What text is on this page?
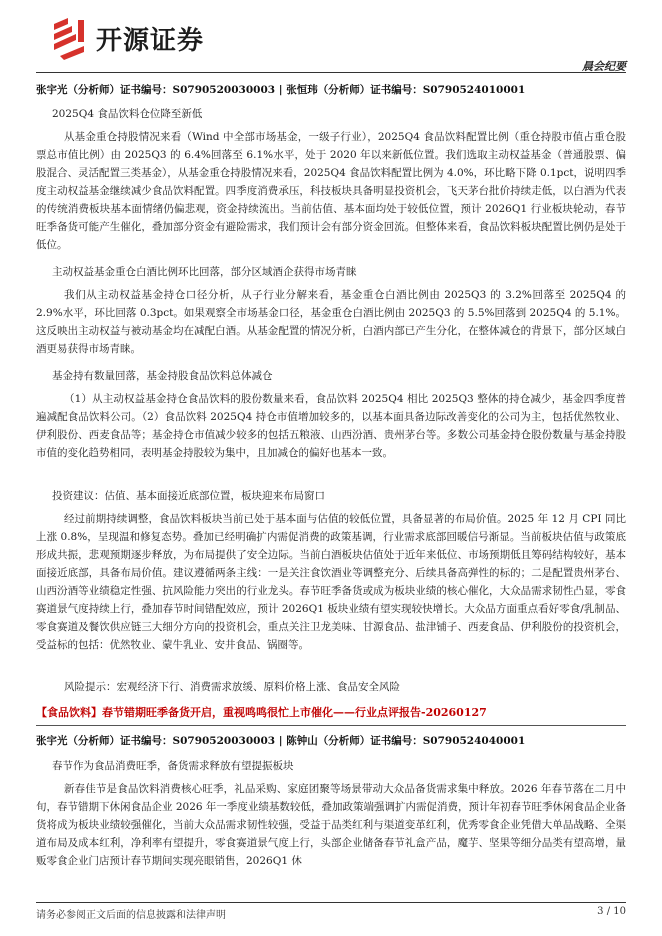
开源证券
晨会纪要
张宇光（分析师）证书编号：S0790520030003 | 张恒玮（分析师）证书编号：S0790524010001
2025Q4 食品饮料仓位降至新低

从基金重仓持股情况来看（Wind 中全部市场基金，一级子行业），2025Q4 食品饮料配置比例（重仓持股市值占重仓股票总市值比例）由 2025Q3 的 6.4%回落至 6.1%水平，处于 2020 年以来新低位置。我们选取主动权益基金（普通股票、偏股混合、灵活配置三类基金），从基金重仓持股情况来看，2025Q4 食品饮料配置比例为 4.0%，环比略下降 0.1pct，说明四季度主动权益基金继续减少食品饮料配置。四季度消费承压，科技板块具备明显投资机会，飞天茅台批价持续走低，以白酒为代表的传统消费板块基本面情绪仍偏悲观，资金持续流出。当前估值、基本面均处于较低位置，预计 2026Q1 行业板块轮动，春节旺季备货可能产生催化，叠加部分资金有避险需求，我们预计会有部分资金回流。但整体来看，食品饮料板块配置比例仍是处于低位。

主动权益基金重仓白酒比例环比回落，部分区域酒企获得市场青睐

我们从主动权益基金持仓口径分析，从子行业分解来看，基金重仓白酒比例由 2025Q3 的 3.2%回落至 2025Q4 的 2.9%水平，环比回落 0.3pct。如果观察全市场基金口径，基金重仓白酒比例由 2025Q3 的 5.5%回落到 2025Q4 的 5.1%。这反映出主动权益与被动基金均在减配白酒。从基金配置的情况分析，白酒内部已产生分化，在整体减仓的背景下，部分区域白酒更易获得市场青睐。

基金持有数量回落，基金持股食品饮料总体减仓

（1）从主动权益基金持仓食品饮料的股份数量来看，食品饮料 2025Q4 相比 2025Q3 整体的持仓减少，基金四季度普遍减配食品饮料公司。（2）食品饮料 2025Q4 持仓市值增加较多的，以基本面具备边际改善变化的公司为主，包括优然牧业、伊利股份、西麦食品等；基金持仓市值减少较多的包括五粮液、山西汾酒、贵州茅台等。多数公司基金持仓股份数量与基金持股市值的变化趋势相同，表明基金持股较为集中，且加减仓的偏好也基本一致。

投资建议：估值、基本面接近底部位置，板块迎来布局窗口

经过前期持续调整，食品饮料板块当前已处于基本面与估值的较低位置，具备显著的布局价值。2025 年 12 月 CPI 同比上涨 0.8%，呈现温和修复态势。叠加已经明确扩内需促消费的政策基调，行业需求底部回暖信号渐显。当前板块估值与政策底形成共振，悲观预期逐步释放，为布局提供了安全边际。当前白酒板块估值处于近年来低位、市场预期低且筹码结构较好，基本面接近底部，具备布局价值。建议遵循两条主线：一是关注食饮酒业等调整充分、后续具备高弹性的标的；二是配置贵州茅台、山西汾酒等业绩稳定性强、抗风险能力突出的行业龙头。春节旺季备货或成为板块业绩的核心催化，大众品需求韧性凸显，零食赛道景气度持续上行，叠加春节时间错配效应，预计 2026Q1 板块业绩有望实现较快增长。大众品方面重点看好零食/乳制品、零食赛道及餐饮供应链三大细分方向的投资机会，重点关注卫龙美味、甘源食品、盐津铺子、西麦食品、伊利股份的投资机会，受益标的包括：优然牧业、蒙牛乳业、安井食品、锅圈等。

风险提示：宏观经济下行、消费需求放缓、原料价格上涨、食品安全风险
【食品饮料】春节错期旺季备货开启，重视鸣鸣很忙上市催化——行业点评报告-20260127
张宇光（分析师）证书编号：S0790520030003 | 陈钟山（分析师）证书编号：S0790524040001
春节作为食品消费旺季，备货需求释放有望提振板块

新春佳节是食品饮料消费核心旺季，礼品采购、家庭团聚等场景带动大众品备货需求集中释放。2026 年春节落在二月中旬，春节错期下休闲食品企业 2026 年一季度业绩基数较低，叠加政策端强调扩内需促消费，预计年初春节旺季休闲食品企业备货将成为板块业绩较强催化，当前大众品需求韧性较强，受益于品类红利与渠道变革红利，优秀零食企业凭借大单品战略、全渠道布局及成本红利，净利率有望提升，零食赛道景气度上行，头部企业储备春节礼盒产品，魔芋、坚果等细分品类有望高增，量贩零食企业门店预计春节期间实现亮眼销售，2026Q1 休

请务必参阅正文后面的信息披露和法律声明	3 / 10
